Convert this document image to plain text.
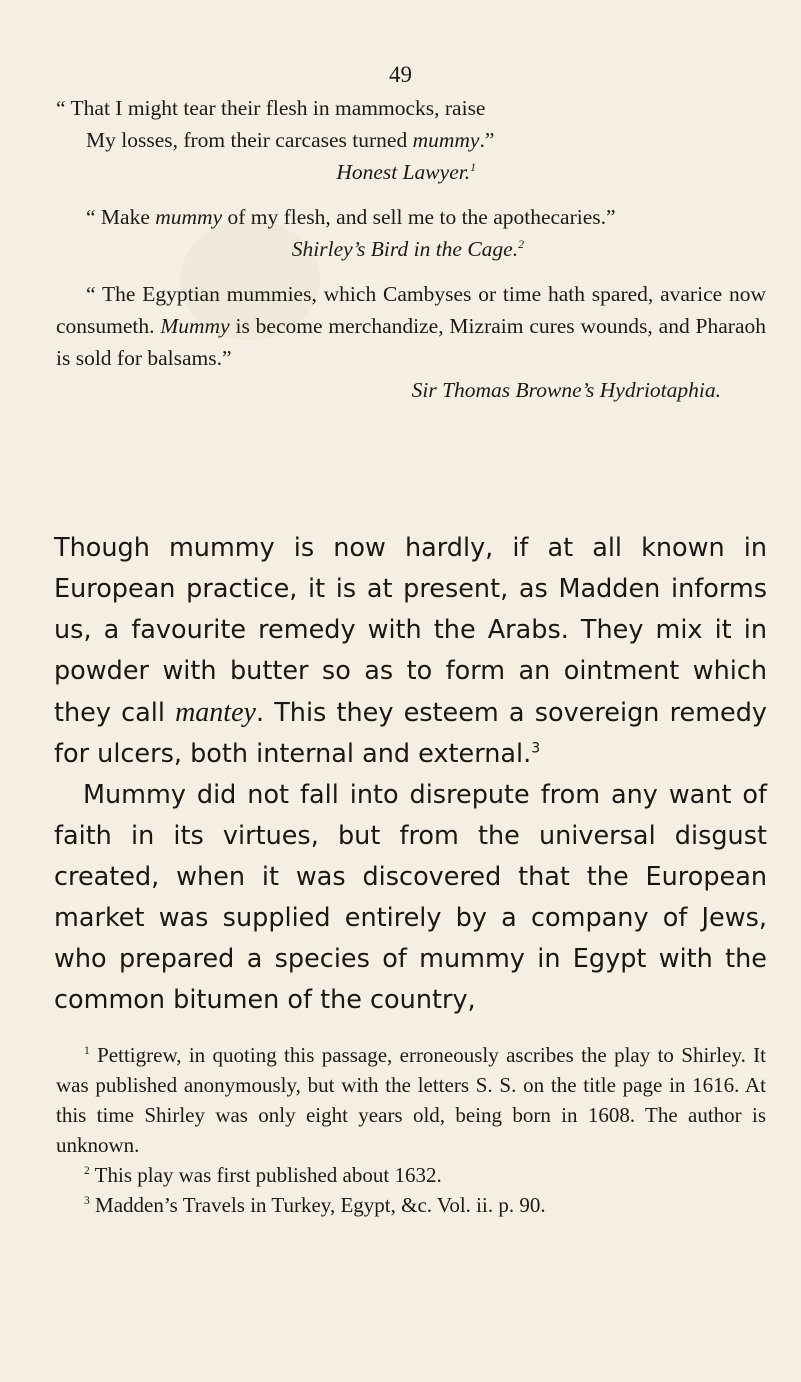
49
“ That I might tear their flesh in mammocks, raise
My losses, from their carcases turned mummy.”
Honest Lawyer.$^1$
“ Make mummy of my flesh, and sell me to the apothecaries.”
Shirley’s Bird in the Cage.$^2$
“ The Egyptian mummies, which Cambyses or time hath spared, avarice now consumeth. Mummy is become merchandize, Mizraim cures wounds, and Pharaoh is sold for balsams.”
Sir Thomas Browne’s Hydriotaphia.

Though mummy is now hardly, if at all known in European practice, it is at present, as Madden informs us, a favourite remedy with the Arabs. They mix it in powder with butter so as to form an ointment which they call mantey. This they esteem a sovereign remedy for ulcers, both internal and external.$^3$

Mummy did not fall into disrepute from any want of faith in its virtues, but from the universal disgust created, when it was discovered that the European market was supplied entirely by a company of Jews, who prepared a species of mummy in Egypt with the common bitumen of the country,

$^1$ Pettigrew, in quoting this passage, erroneously ascribes the play to Shirley. It was published anonymously, but with the letters S. S. on the title page in 1616. At this time Shirley was only eight years old, being born in 1608. The author is unknown.

$^2$ This play was first published about 1632.

$^3$ Madden’s Travels in Turkey, Egypt, &c. Vol. ii. p. 90.
